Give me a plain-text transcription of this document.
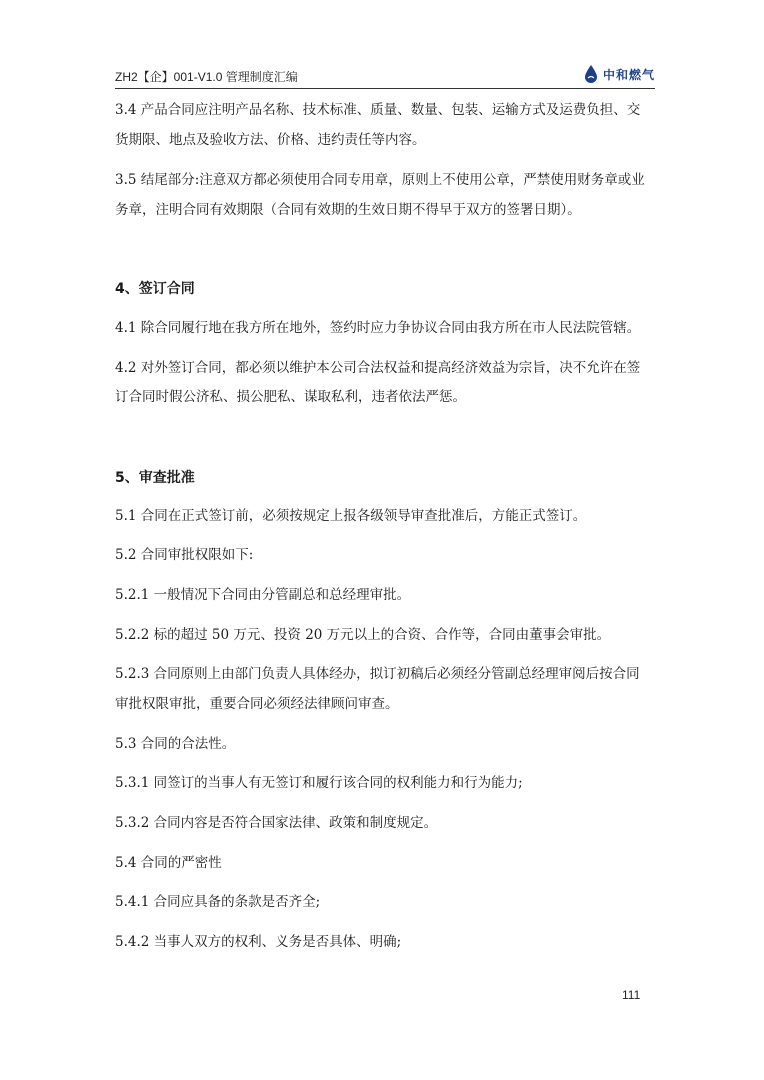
ZH2【企】001-V1.0 管理制度汇编	中和燃气

3.4 产品合同应注明产品名称、技术标准、质量、数量、包装、运输方式及运费负担、交

货期限、地点及验收方法、价格、违约责任等内容。

3.5 结尾部分:注意双方都必须使用合同专用章，原则上不使用公章，严禁使用财务章或业

务章，注明合同有效期限（合同有效期的生效日期不得早于双方的签署日期）。

4、签订合同

4.1 除合同履行地在我方所在地外，签约时应力争协议合同由我方所在市人民法院管辖。

4.2 对外签订合同，都必须以维护本公司合法权益和提高经济效益为宗旨，决不允许在签

订合同时假公济私、损公肥私、谋取私利，违者依法严惩。

5、审查批准

5.1 合同在正式签订前，必须按规定上报各级领导审查批准后，方能正式签订。

5.2 合同审批权限如下:

5.2.1 一般情况下合同由分管副总和总经理审批。

5.2.2 标的超过 50 万元、投资 20 万元以上的合资、合作等，合同由董事会审批。

5.2.3 合同原则上由部门负责人具体经办，拟订初稿后必须经分管副总经理审阅后按合同

审批权限审批，重要合同必须经法律顾问审查。

5.3 合同的合法性。

5.3.1 同签订的当事人有无签订和履行该合同的权利能力和行为能力;

5.3.2 合同内容是否符合国家法律、政策和制度规定。

5.4 合同的严密性

5.4.1 合同应具备的条款是否齐全;

5.4.2 当事人双方的权利、义务是否具体、明确;

111
